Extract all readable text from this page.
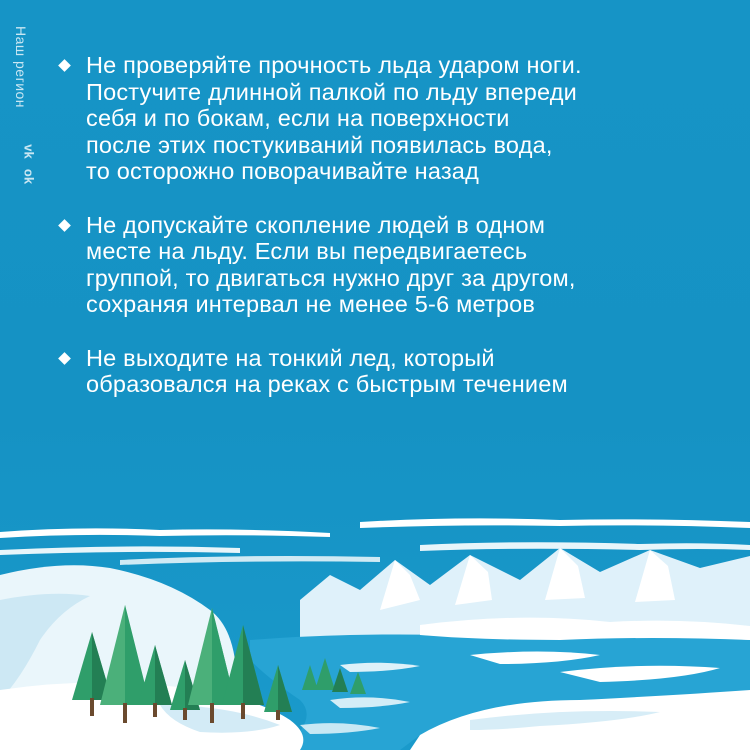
Наш регион
vk
ok
Не проверяйте прочность льда ударом ноги.
Постучите длинной палкой по льду впереди
себя и по бокам, если на поверхности
после этих постукиваний появилась вода,
то осторожно поворачивайте назад
Не допускайте скопление людей в одном
месте на льду. Если вы передвигаетесь
группой, то двигаться нужно друг за другом,
сохраняя интервал не менее 5-6 метров
Не выходите на тонкий лед, который
образовался на реках с быстрым течением
